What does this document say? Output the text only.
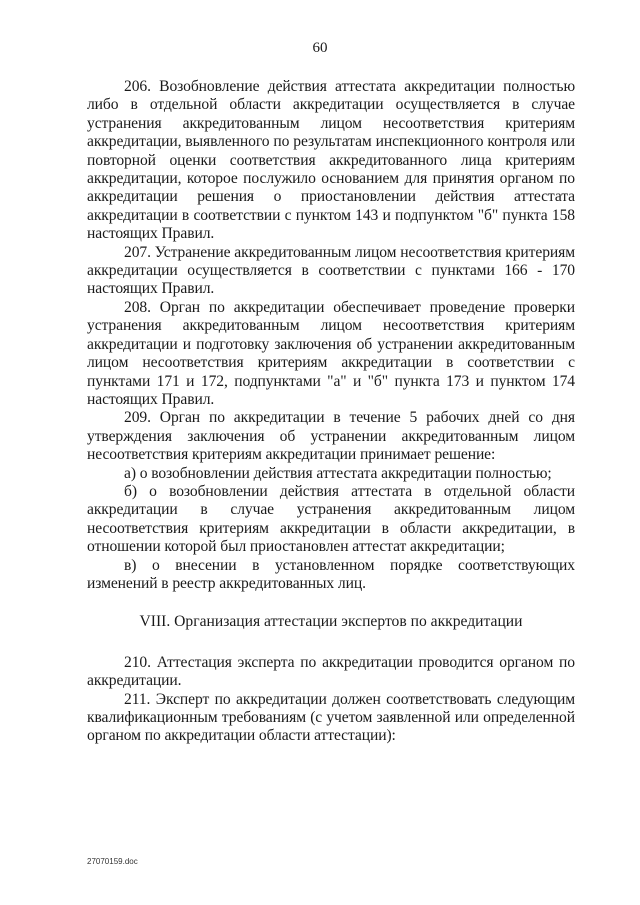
60

206. Возобновление действия аттестата аккредитации полностью либо в отдельной области аккредитации осуществляется в случае устранения аккредитованным лицом несоответствия критериям аккредитации, выявленного по результатам инспекционного контроля или повторной оценки соответствия аккредитованного лица критериям аккредитации, которое послужило основанием для принятия органом по аккредитации решения о приостановлении действия аттестата аккредитации в соответствии с пунктом 143 и подпунктом "б" пункта 158 настоящих Правил.

207. Устранение аккредитованным лицом несоответствия критериям аккредитации осуществляется в соответствии с пунктами 166 - 170 настоящих Правил.

208. Орган по аккредитации обеспечивает проведение проверки устранения аккредитованным лицом несоответствия критериям аккредитации и подготовку заключения об устранении аккредитованным лицом несоответствия критериям аккредитации в соответствии с пунктами 171 и 172, подпунктами "а" и "б" пункта 173 и пунктом 174 настоящих Правил.

209. Орган по аккредитации в течение 5 рабочих дней со дня утверждения заключения об устранении аккредитованным лицом несоответствия критериям аккредитации принимает решение:

а) о возобновлении действия аттестата аккредитации полностью;

б) о возобновлении действия аттестата в отдельной области аккредитации в случае устранения аккредитованным лицом несоответствия критериям аккредитации в области аккредитации, в отношении которой был приостановлен аттестат аккредитации;

в) о внесении в установленном порядке соответствующих изменений в реестр аккредитованных лиц.

VIII. Организация аттестации экспертов по аккредитации

210. Аттестация эксперта по аккредитации проводится органом по аккредитации.

211. Эксперт по аккредитации должен соответствовать следующим квалификационным требованиям (с учетом заявленной или определенной органом по аккредитации области аттестации):

27070159.doc
